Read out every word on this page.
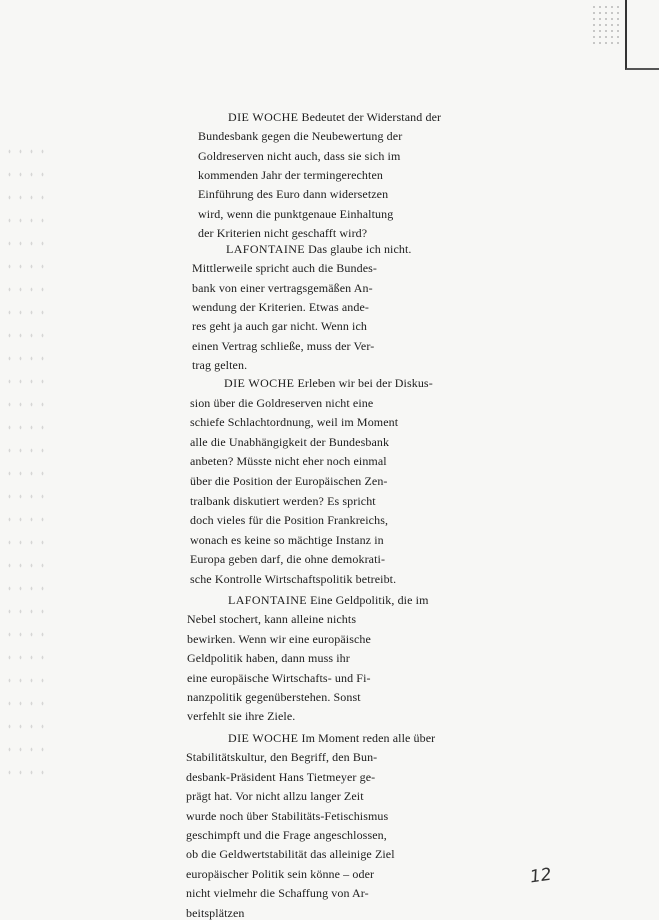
DIE WOCHE Bedeutet der Widerstand der
Bundesbank gegen die Neubewertung der
Goldreserven nicht auch, dass sie sich im
kommenden Jahr der termingerechten
Einführung des Euro dann widersetzen
wird, wenn die punktgenaue Einhaltung
der Kriterien nicht geschafft wird?
LAFONTAINE Das glaube ich nicht.
Mittlerweile spricht auch die Bundes-
bank von einer vertragsgemäßen An-
wendung der Kriterien. Etwas ande-
res geht ja auch gar nicht. Wenn ich
einen Vertrag schließe, muss der Ver-
trag gelten.
DIE WOCHE Erleben wir bei der Diskus-
sion über die Goldreserven nicht eine
schiefe Schlachtordnung, weil im Moment
alle die Unabhängigkeit der Bundesbank
anbeten? Müsste nicht eher noch einmal
über die Position der Europäischen Zen-
tralbank diskutiert werden? Es spricht
doch vieles für die Position Frankreichs,
wonach es keine so mächtige Instanz in
Europa geben darf, die ohne demokrati-
sche Kontrolle Wirtschaftspolitik betreibt.
LAFONTAINE Eine Geldpolitik, die im
Nebel stochert, kann alleine nichts
bewirken. Wenn wir eine europäische
Geldpolitik haben, dann muss ihr
eine europäische Wirtschafts- und Fi-
nanzpolitik gegenüberstehen. Sonst
verfehlt sie ihre Ziele.
DIE WOCHE Im Moment reden alle über
Stabilitätskultur, den Begriff, den Bun-
desbank-Präsident Hans Tietmeyer ge-
prägt hat. Vor nicht allzu langer Zeit
wurde noch über Stabilitäts-Fetischismus
geschimpft und die Frage angeschlossen,
ob die Geldwertstabilität das alleinige Ziel
europäischer Politik sein könne – oder
nicht vielmehr die Schaffung von Ar-
beitsplätzen
12
